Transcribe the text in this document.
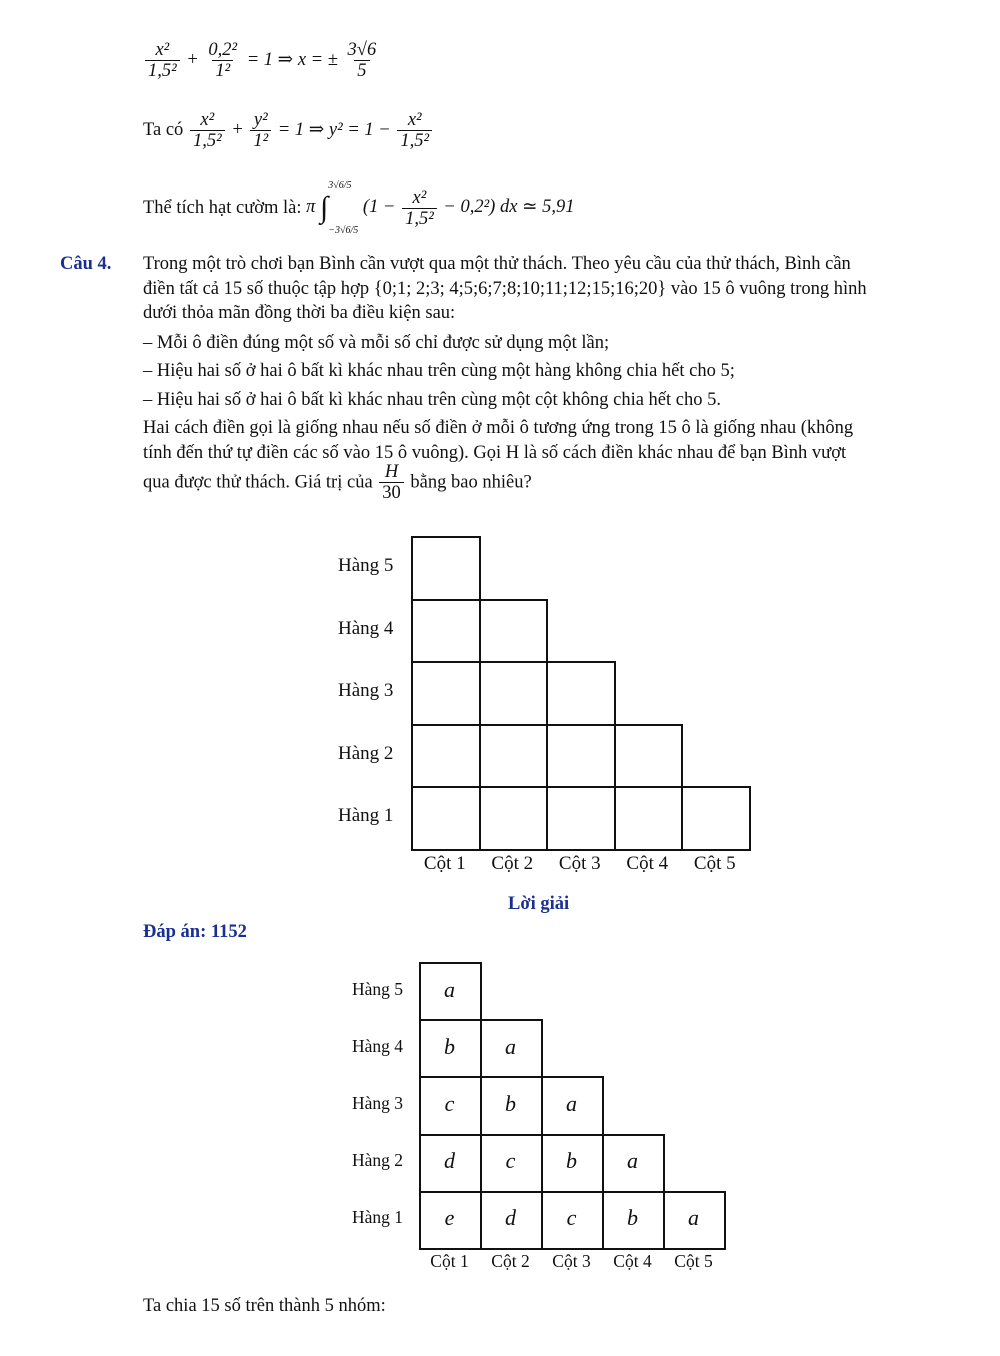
$\frac{\text{x²}}{\text{1,5²}} + \frac{\text{0,2²}}{\text{1²}} = 1$ ⇒ x = ± $\frac{3√6}{5}$
Ta có $\frac{\text{x²}}{\text{1,5²}} + \frac{\text{y²}}{\text{1²}} = 1$ ⇒ $y^2 = 1 - \frac{\text{x²}}{\text{1,5²}}$
Thể tích hạt cườm là: π ∫
3√6/5
−3√6/5
$(1 - \frac{\text{x²}}{\text{1,5²}} - 0,2^2)$ dx ≃ 5,91
Câu 4. Trong một trò chơi bạn Bình cần vượt qua một thử thách. Theo yêu cầu của thử thách, Bình cần
điền tất cả 15 số thuộc tập hợp {0;1; 2;3; 4;5;6;7;8;10;11;12;15;16;20} vào 15 ô vuông trong hình
dưới thỏa mãn đồng thời ba điều kiện sau:
– Mỗi ô điền đúng một số và mỗi số chỉ được sử dụng một lần;
– Hiệu hai số ở hai ô bất kì khác nhau trên cùng một hàng không chia hết cho 5;
– Hiệu hai số ở hai ô bất kì khác nhau trên cùng một cột không chia hết cho 5.
Hai cách điền gọi là giống nhau nếu số điền ở mỗi ô tương ứng trong 15 ô là giống nhau (không
tính đến thứ tự điền các số vào 15 ô vuông). Gọi H là số cách điền khác nhau để bạn Bình vượt
qua được thử thách. Giá trị của $\frac{H}{30}$ bằng bao nhiêu?
Hàng 5
Hàng 4
Hàng 3
Hàng 2
Hàng 1
Cột 1	Cột 2	Cột 3	Cột 4	Cột 5
Lời giải
Đáp án: 1152
Hàng 5	a
Hàng 4	b	a
Hàng 3	c	b	a
Hàng 2	d	c	b	a
Hàng 1	e	d	c	b	a
Cột 1	Cột 2	Cột 3	Cột 4	Cột 5
Ta chia 15 số trên thành 5 nhóm:
